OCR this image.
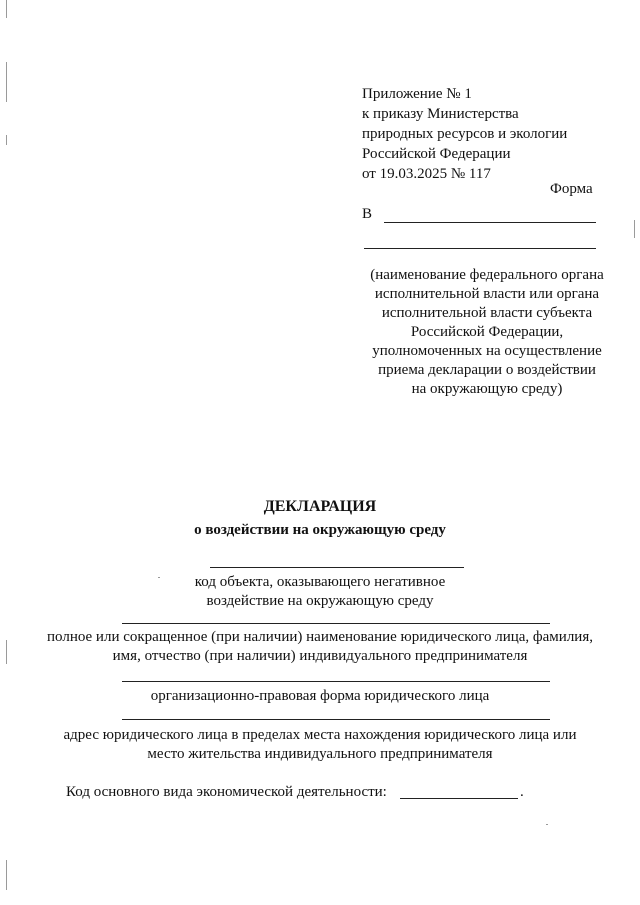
Приложение № 1
к приказу Министерства
природных ресурсов и экологии
Российской Федерации
от 19.03.2025 № 117
Форма
В
(наименование федерального органа
исполнительной власти или органа
исполнительной власти субъекта
Российской Федерации,
уполномоченных на осуществление
приема декларации о воздействии
на окружающую среду)
ДЕКЛАРАЦИЯ
о воздействии на окружающую среду
код объекта, оказывающего негативное
воздействие на окружающую среду
полное или сокращенное (при наличии) наименование юридического лица, фамилия,
имя, отчество (при наличии) индивидуального предпринимателя
организационно-правовая форма юридического лица
адрес юридического лица в пределах места нахождения юридического лица или
место жительства индивидуального предпринимателя
Код основного вида экономической деятельности:	.
